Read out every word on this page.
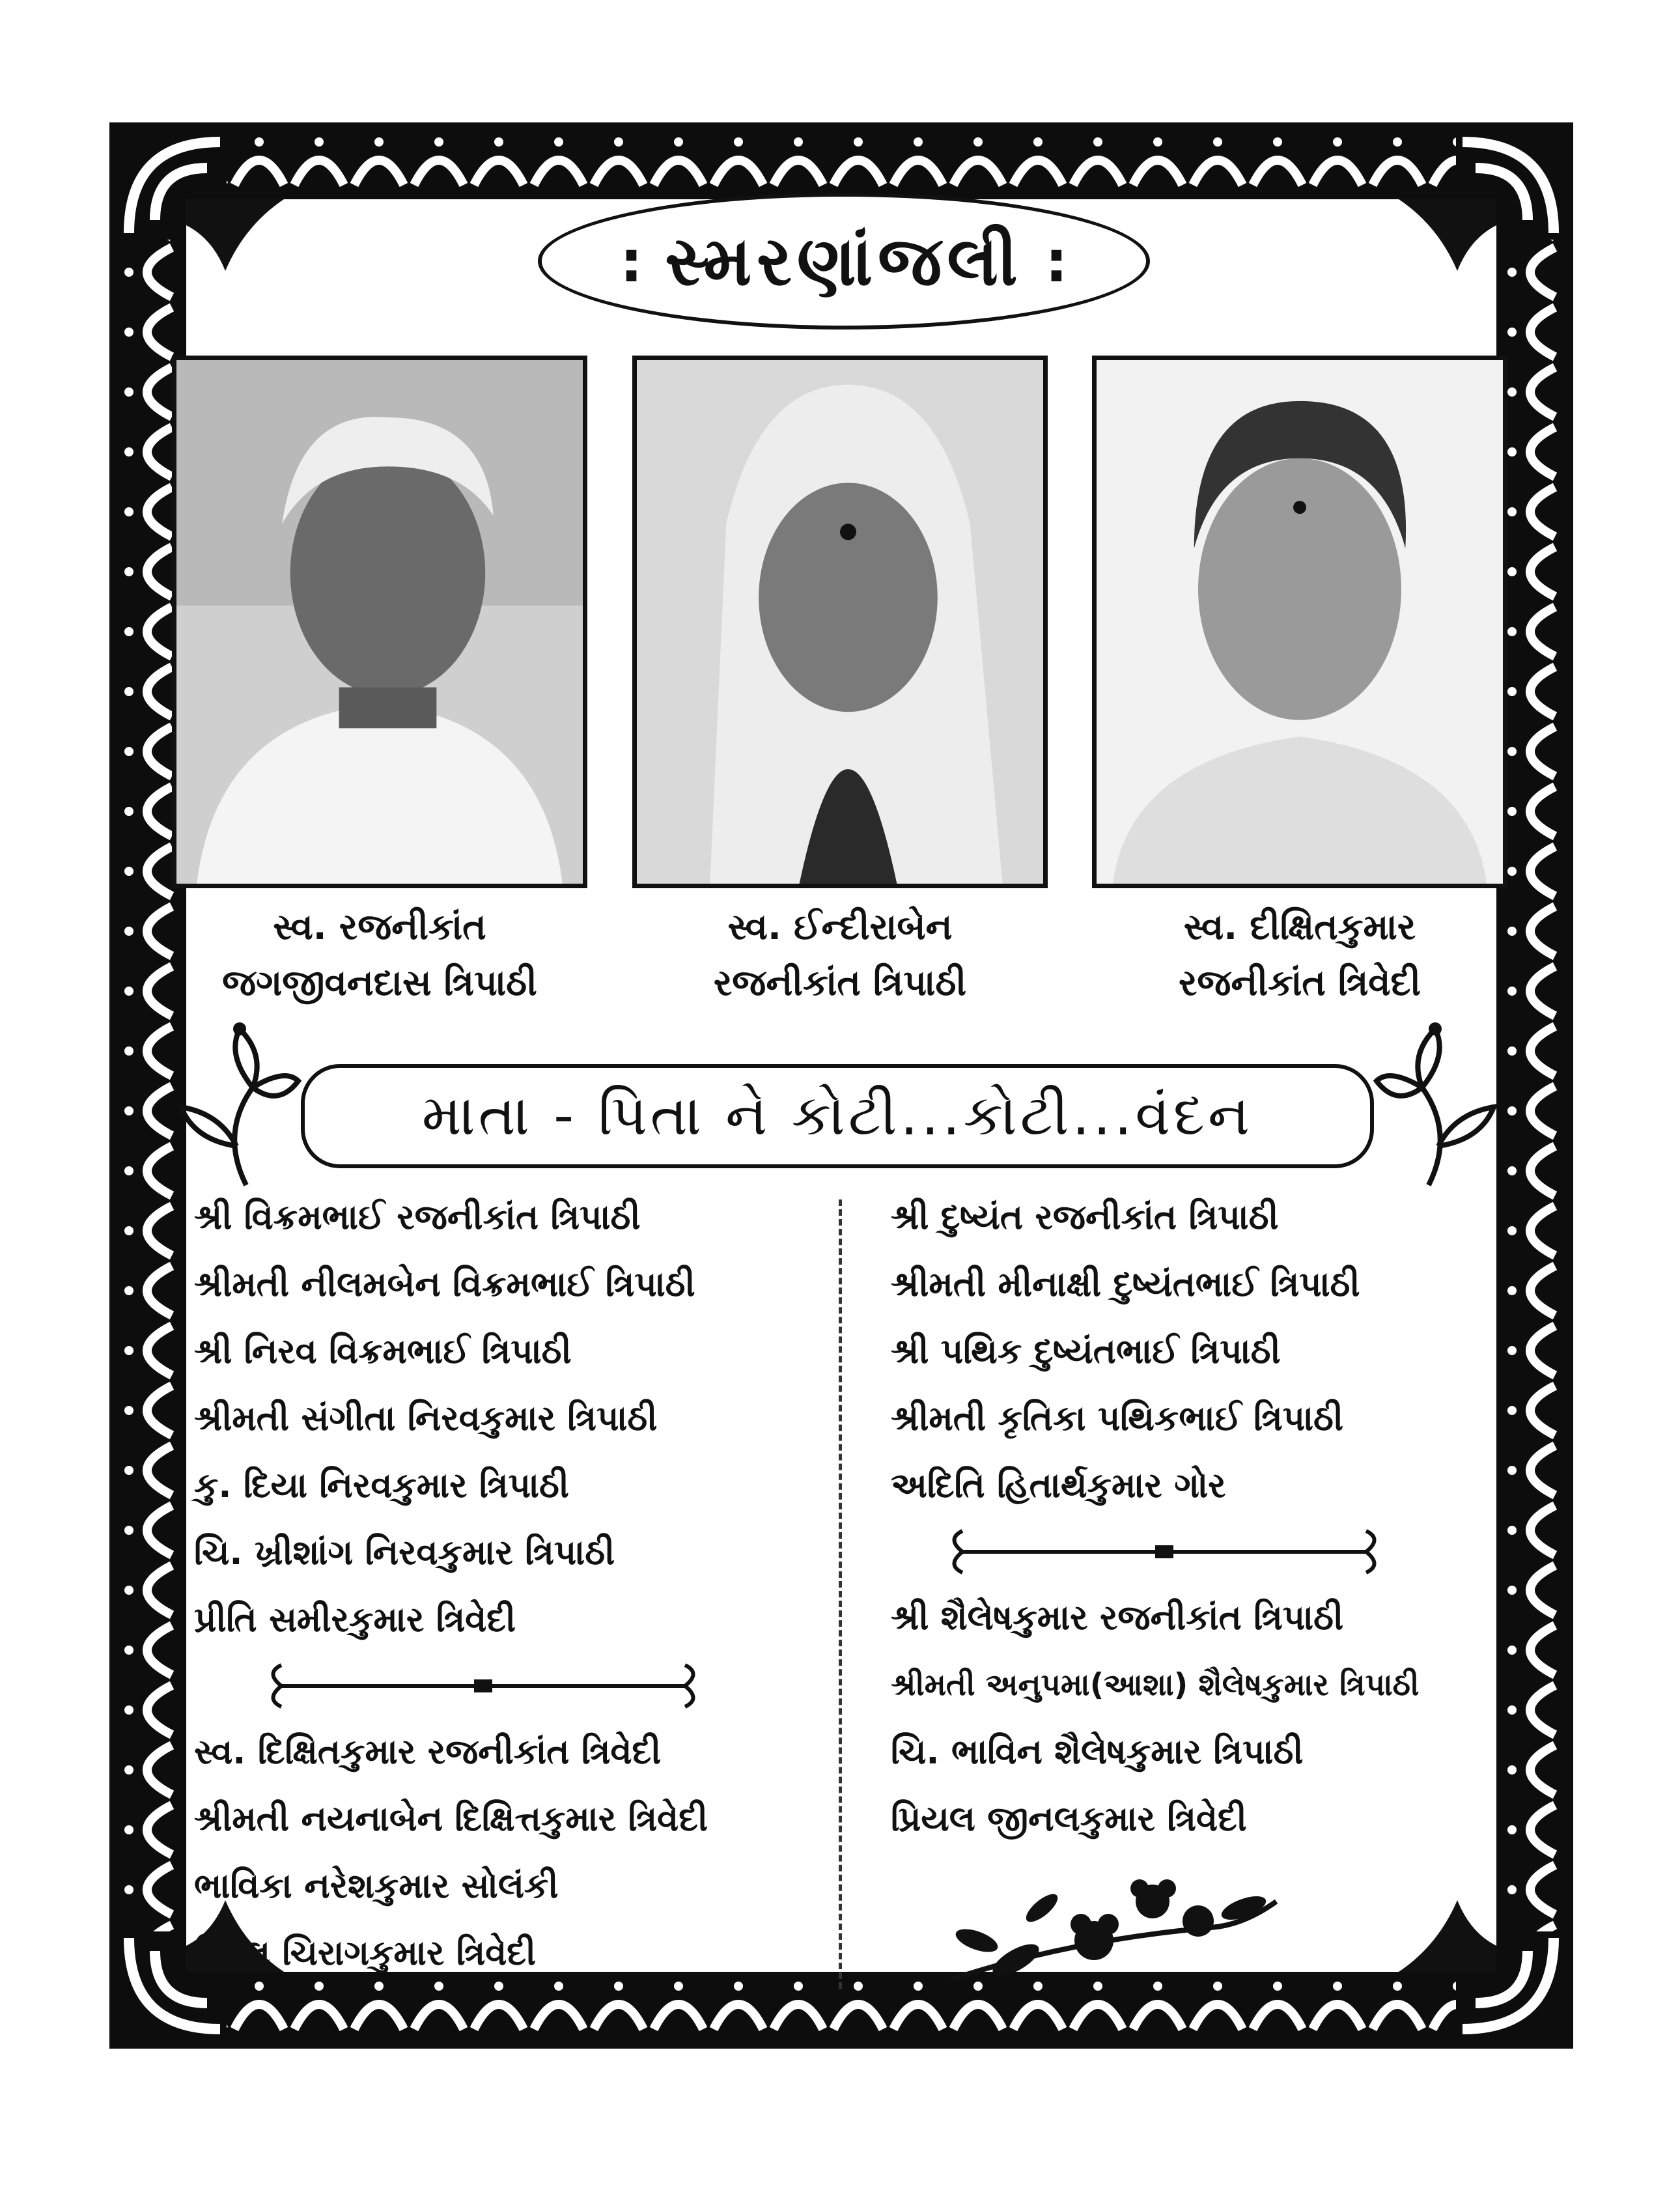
: સ્મરણાંજલી :
સ્વ. રજનીકાંત
જગજીવનદાસ ત્રિપાઠી
સ્વ. ઈન્દીરાબેન
રજનીકાંત ત્રિપાઠી
સ્વ. દીક્ષિતકુમાર
રજનીકાંત ત્રિવેદી
માતા - પિતા ને કોટી...કોટી...વંદન
શ્રી વિક્રમભાઈ રજનીકાંત ત્રિપાઠી
શ્રીમતી નીલમબેન વિક્રમભાઈ ત્રિપાઠી
શ્રી નિરવ વિક્રમભાઈ ત્રિપાઠી
શ્રીમતી સંગીતા નિરવકુમાર ત્રિપાઠી
કુ. દિયા નિરવકુમાર ત્રિપાઠી
ચિ. ખ્રીશાંગ નિરવકુમાર ત્રિપાઠી
પ્રીતિ સમીરકુમાર ત્રિવેદી
સ્વ. દિક્ષિતકુમાર રજનીકાંત ત્રિવેદી
શ્રીમતી નયનાબેન દિક્ષિત્તકુમાર ત્રિવેદી
ભાવિકા નરેશકુમાર સોલંકી
હિરલ ચિરાગકુમાર ત્રિવેદી
શ્રી દુષ્યંત રજનીકાંત ત્રિપાઠી
શ્રીમતી મીનાક્ષી દુષ્યંતભાઈ ત્રિપાઠી
શ્રી પથિક દુષ્યંતભાઈ ત્રિપાઠી
શ્રીમતી કૃતિકા પથિકભાઈ ત્રિપાઠી
અદિતિ હિતાર્થકુમાર ગોર
શ્રી શૈલેષકુમાર રજનીકાંત ત્રિપાઠી
શ્રીમતી અનુપમા(આશા) શૈલેષકુમાર ત્રિપાઠી
ચિ. ભાવિન શૈલેષકુમાર ત્રિપાઠી
પ્રિયલ જીનલકુમાર ત્રિવેદી
